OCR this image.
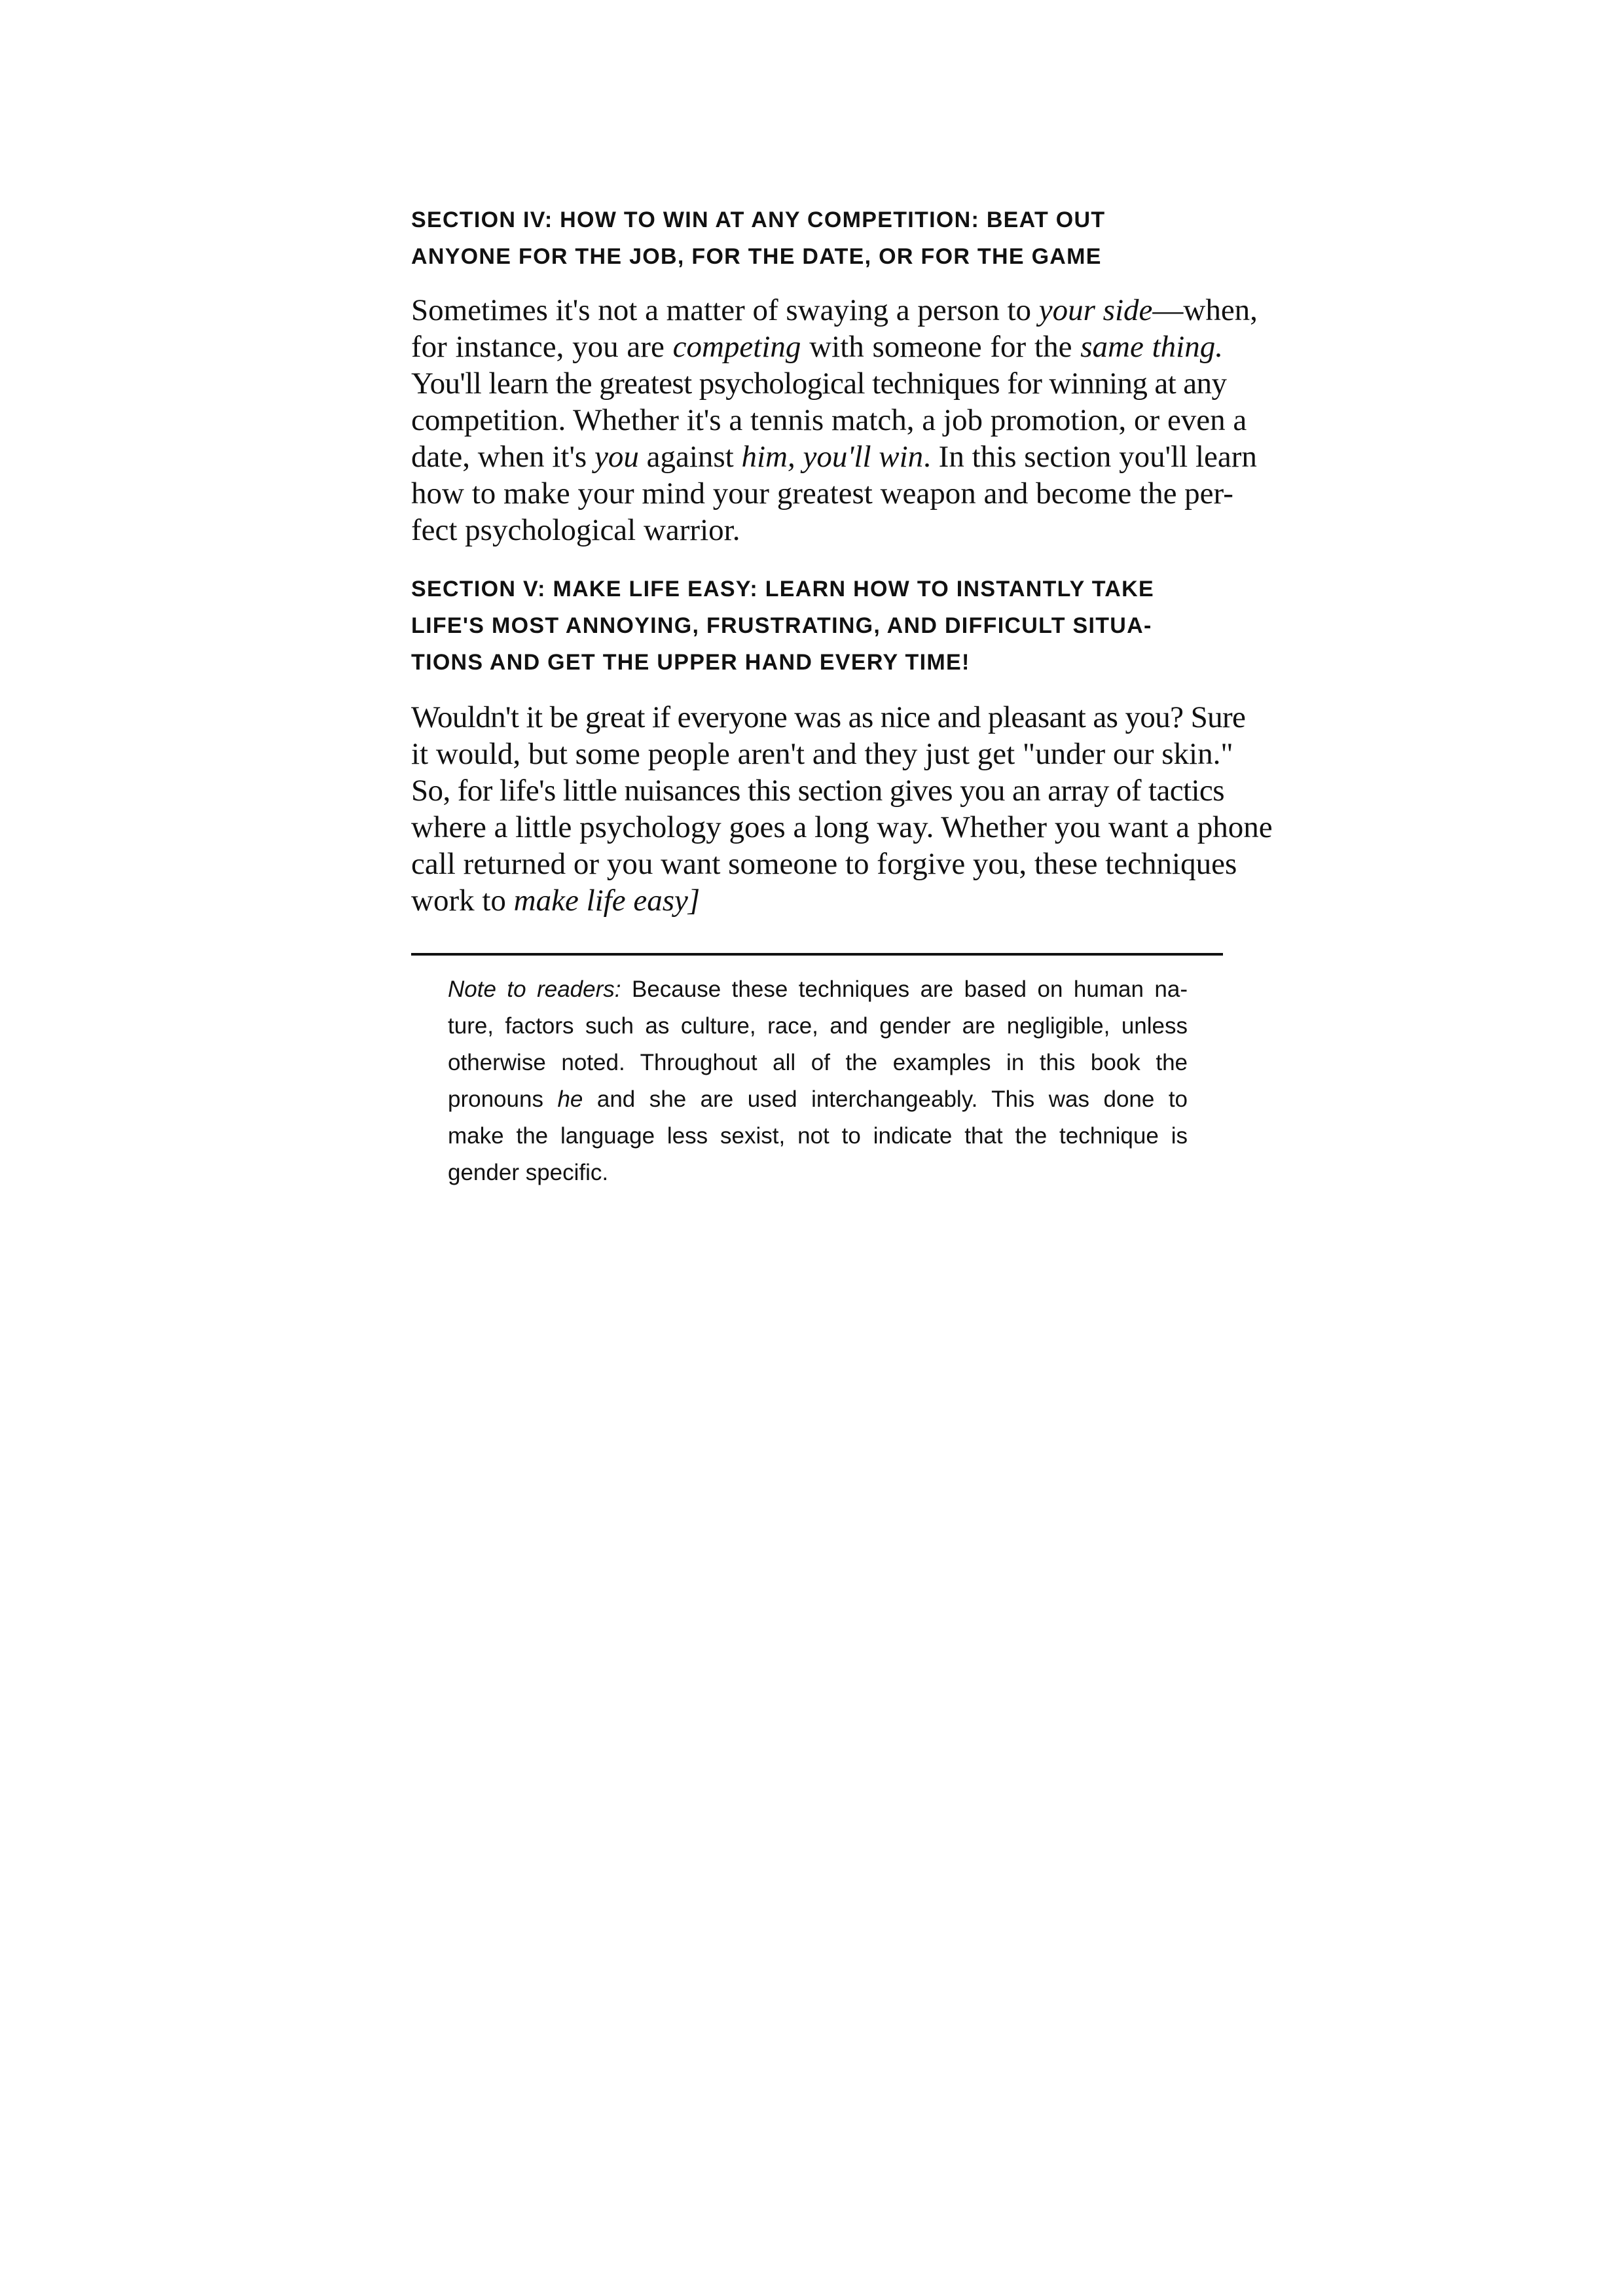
SECTION IV: HOW TO WIN AT ANY COMPETITION: BEAT OUT
ANYONE FOR THE JOB, FOR THE DATE, OR FOR THE GAME

Sometimes it's not a matter of swaying a person to your side—when,
for instance, you are competing with someone for the same thing.
You'll learn the greatest psychological techniques for winning at any
competition. Whether it's a tennis match, a job promotion, or even a
date, when it's you against him, you'll win. In this section you'll learn
how to make your mind your greatest weapon and become the per-
fect psychological warrior.

SECTION V: MAKE LIFE EASY: LEARN HOW TO INSTANTLY TAKE
LIFE'S MOST ANNOYING, FRUSTRATING, AND DIFFICULT SITUA-
TIONS AND GET THE UPPER HAND EVERY TIME!

Wouldn't it be great if everyone was as nice and pleasant as you? Sure
it would, but some people aren't and they just get "under our skin."
So, for life's little nuisances this section gives you an array of tactics
where a little psychology goes a long way. Whether you want a phone
call returned or you want someone to forgive you, these techniques
work to make life easy]

Note to readers: Because these techniques are based on human na-
ture, factors such as culture, race, and gender are negligible, unless
otherwise noted. Throughout all of the examples in this book the
pronouns he and she are used interchangeably. This was done to
make the language less sexist, not to indicate that the technique is
gender specific.
